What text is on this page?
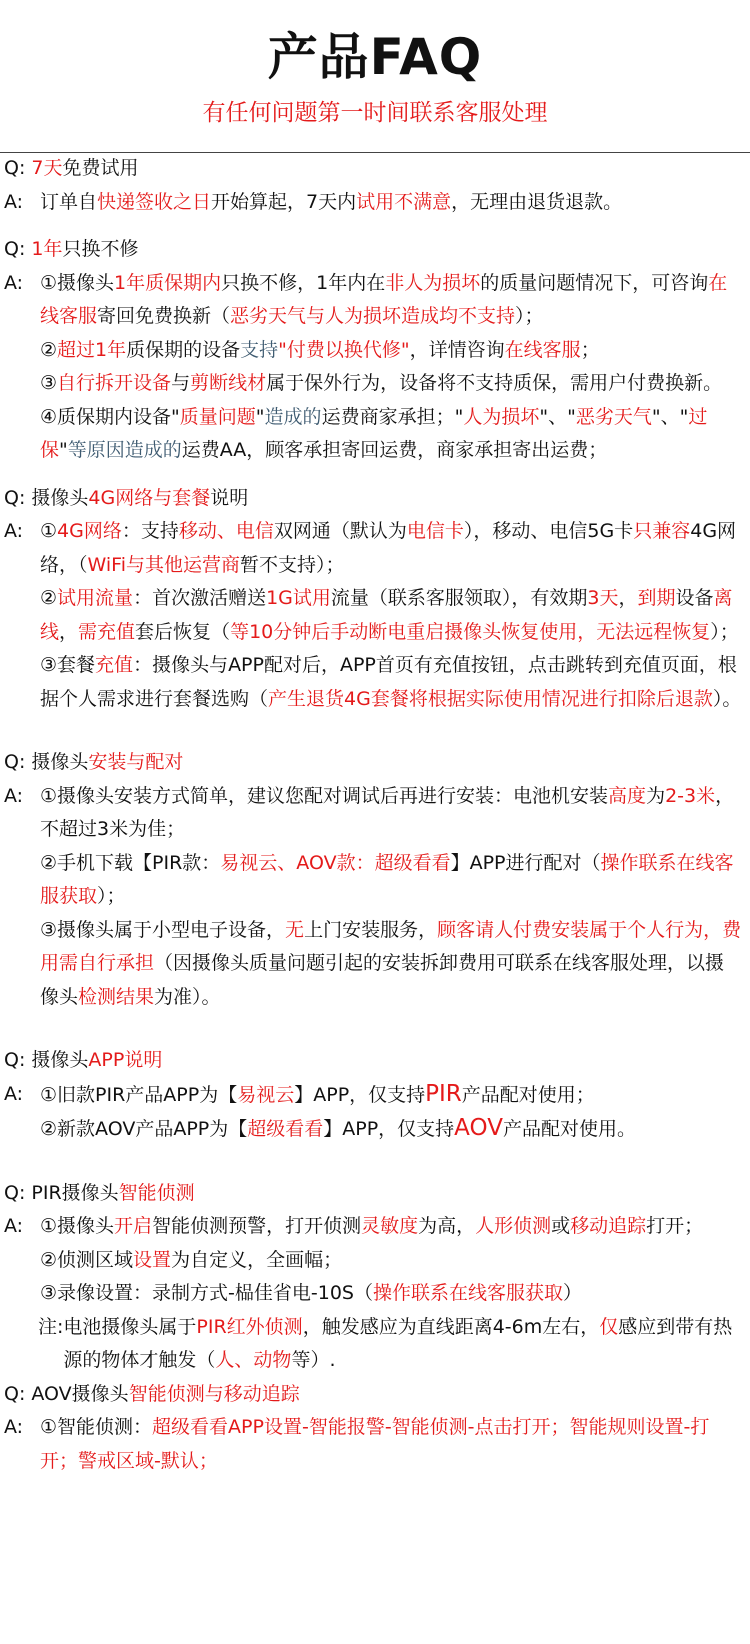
产品FAQ
有任何问题第一时间联系客服处理
Q: 7天免费试用
A: 订单自快递签收之日开始算起，7天内试用不满意，无理由退货退款。
Q: 1年只换不修
A: ①摄像头1年质保期内只换不修，1年内在非人为损坏的质量问题情况下，可咨询在线客服寄回免费换新（恶劣天气与人为损坏造成均不支持）；
②超过1年质保期的设备支持"付费以换代修"，详情咨询在线客服；
③自行拆开设备与剪断线材属于保外行为，设备将不支持质保，需用户付费换新。
④质保期内设备"质量问题"造成的运费商家承担；"人为损坏"、"恶劣天气"、"过保"等原因造成的运费AA，顾客承担寄回运费，商家承担寄出运费；
Q: 摄像头4G网络与套餐说明
A: ①4G网络：支持移动、电信双网通（默认为电信卡），移动、电信5G卡只兼容4G网络，（WiFi与其他运营商暂不支持）；
②试用流量：首次激活赠送1G试用流量（联系客服领取），有效期3天，到期设备离线，需充值套后恢复（等10分钟后手动断电重启摄像头恢复使用，无法远程恢复）；
③套餐充值：摄像头与APP配对后，APP首页有充值按钮，点击跳转到充值页面，根据个人需求进行套餐选购（产生退货4G套餐将根据实际使用情况进行扣除后退款）。
Q: 摄像头安装与配对
A: ①摄像头安装方式简单，建议您配对调试后再进行安装：电池机安装高度为2-3米，不超过3米为佳；
②手机下载【PIR款：易视云、AOV款：超级看看】APP进行配对（操作联系在线客服获取）；
③摄像头属于小型电子设备，无上门安装服务，顾客请人付费安装属于个人行为，费用需自行承担（因摄像头质量问题引起的安装拆卸费用可联系在线客服处理，以摄像头检测结果为准）。
Q: 摄像头APP说明
A: ①旧款PIR产品APP为【易视云】APP，仅支持PIR产品配对使用；
②新款AOV产品APP为【超级看看】APP，仅支持AOV产品配对使用。
Q: PIR摄像头智能侦测
A: ①摄像头开启智能侦测预警，打开侦测灵敏度为高，人形侦测或移动追踪打开；
②侦测区域设置为自定义，全画幅；
③录像设置：录制方式-榀佳省电-10S（操作联系在线客服获取）
注: 电池摄像头属于PIR红外侦测，触发感应为直线距离4-6m左右，仅感应到带有热源的物体才触发（人、动物等）.
Q: AOV摄像头智能侦测与移动追踪
A: ①智能侦测：超级看看APP设置-智能报警-智能侦测-点击打开；智能规则设置-打开；警戒区域-默认；
